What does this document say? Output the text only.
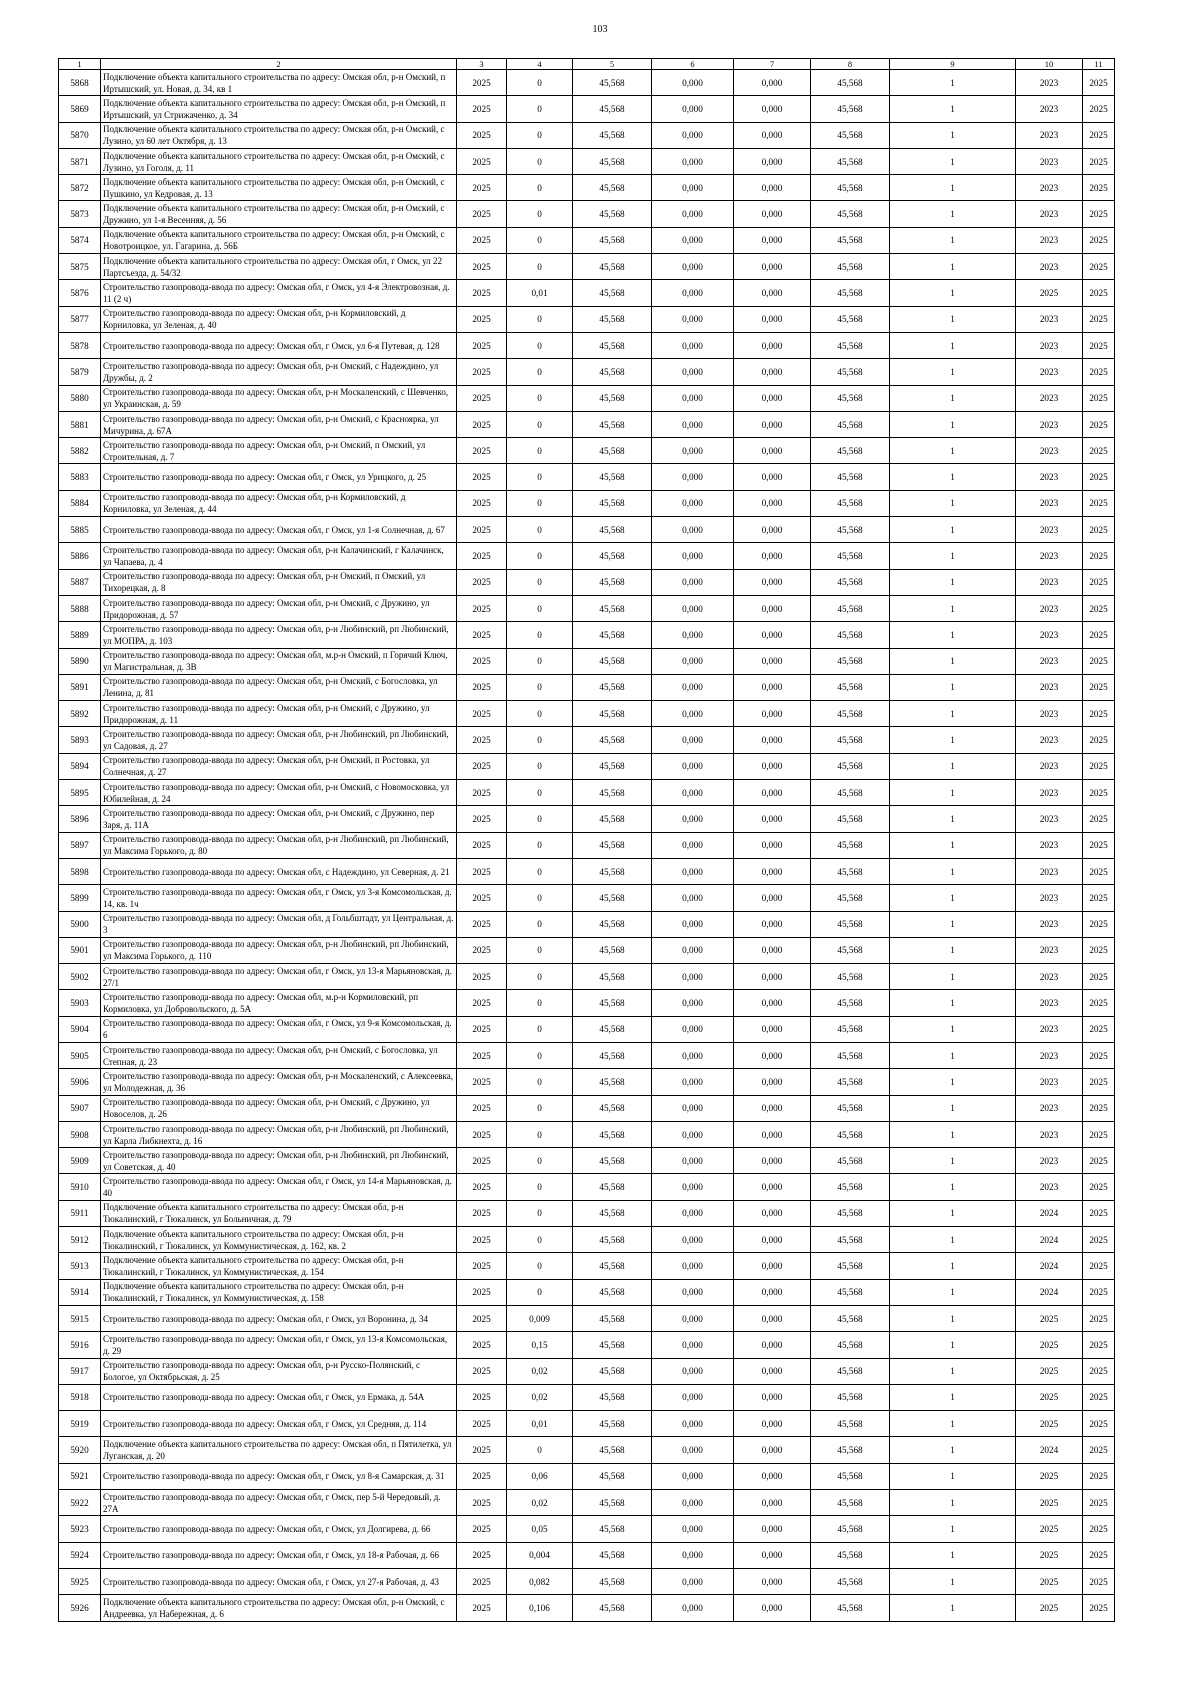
103
1	2	3	4	5	6	7	8	9	10	11
5868	Подключение объекта капитального строительства по адресу: Омская обл, р-н Омский, п Иртышский, ул. Новая, д. 34, кв 1	2025	0	45,568	0,000	0,000	45,568	1	2023	2025
5869	Подключение объекта капитального строительства по адресу: Омская обл, р-н Омский, п Иртышский, ул Стрижаченко, д. 34	2025	0	45,568	0,000	0,000	45,568	1	2023	2025
5870	Подключение объекта капитального строительства по адресу: Омская обл, р-н Омский, с Лузино, ул 60 лет Октября, д. 13	2025	0	45,568	0,000	0,000	45,568	1	2023	2025
5871	Подключение объекта капитального строительства по адресу: Омская обл, р-н Омский, с Лузино, ул Гоголя, д. 11	2025	0	45,568	0,000	0,000	45,568	1	2023	2025
5872	Подключение объекта капитального строительства по адресу: Омская обл, р-н Омский, с Пушкино, ул Кедровая, д. 13	2025	0	45,568	0,000	0,000	45,568	1	2023	2025
5873	Подключение объекта капитального строительства по адресу: Омская обл, р-н Омский, с Дружино, ул 1-я Весенняя, д. 56	2025	0	45,568	0,000	0,000	45,568	1	2023	2025
5874	Подключение объекта капитального строительства по адресу: Омская обл, р-н Омский, с Новотроицкое, ул. Гагарина, д. 56Б	2025	0	45,568	0,000	0,000	45,568	1	2023	2025
5875	Подключение объекта капитального строительства по адресу: Омская обл, г Омск, ул 22 Партсъезда, д. 54/32	2025	0	45,568	0,000	0,000	45,568	1	2023	2025
5876	Строительство газопровода-ввода по адресу: Омская обл, г Омск, ул 4-я Электровозная, д. 11 (2 ч)	2025	0,01	45,568	0,000	0,000	45,568	1	2025	2025
5877	Строительство газопровода-ввода по адресу: Омская обл, р-н Кормиловский, д Корниловка, ул Зеленая, д. 40	2025	0	45,568	0,000	0,000	45,568	1	2023	2025
5878	Строительство газопровода-ввода по адресу: Омская обл, г Омск, ул 6-я Путевая, д. 128	2025	0	45,568	0,000	0,000	45,568	1	2023	2025
5879	Строительство газопровода-ввода по адресу: Омская обл, р-н Омский, с Надеждино, ул Дружбы, д. 2	2025	0	45,568	0,000	0,000	45,568	1	2023	2025
5880	Строительство газопровода-ввода по адресу: Омская обл, р-н Москаленский, с Шевченко, ул Украинская, д. 59	2025	0	45,568	0,000	0,000	45,568	1	2023	2025
5881	Строительство газопровода-ввода по адресу: Омская обл, р-н Омский, с Красноярка, ул Мичурина, д. 67А	2025	0	45,568	0,000	0,000	45,568	1	2023	2025
5882	Строительство газопровода-ввода по адресу: Омская обл, р-н Омский, п Омский, ул Строительная, д. 7	2025	0	45,568	0,000	0,000	45,568	1	2023	2025
5883	Строительство газопровода-ввода по адресу: Омская обл, г Омск, ул Урицкого, д. 25	2025	0	45,568	0,000	0,000	45,568	1	2023	2025
5884	Строительство газопровода-ввода по адресу: Омская обл, р-н Кормиловский, д Корниловка, ул Зеленая, д. 44	2025	0	45,568	0,000	0,000	45,568	1	2023	2025
5885	Строительство газопровода-ввода по адресу: Омская обл, г Омск, ул 1-я Солнечная, д. 67	2025	0	45,568	0,000	0,000	45,568	1	2023	2025
5886	Строительство газопровода-ввода по адресу: Омская обл, р-н Калачинский, г Калачинск, ул Чапаева, д. 4	2025	0	45,568	0,000	0,000	45,568	1	2023	2025
5887	Строительство газопровода-ввода по адресу: Омская обл, р-н Омский, п Омский, ул Тихорецкая, д. 8	2025	0	45,568	0,000	0,000	45,568	1	2023	2025
5888	Строительство газопровода-ввода по адресу: Омская обл, р-н Омский, с Дружино, ул Придорожная, д. 57	2025	0	45,568	0,000	0,000	45,568	1	2023	2025
5889	Строительство газопровода-ввода по адресу: Омская обл, р-н Любинский, рп Любинский, ул МОПРА, д. 103	2025	0	45,568	0,000	0,000	45,568	1	2023	2025
5890	Строительство газопровода-ввода по адресу: Омская обл, м.р-н Омский, п Горячий Ключ, ул Магистральная, д. 3В	2025	0	45,568	0,000	0,000	45,568	1	2023	2025
5891	Строительство газопровода-ввода по адресу: Омская обл, р-н Омский, с Богословка, ул Ленина, д. 81	2025	0	45,568	0,000	0,000	45,568	1	2023	2025
5892	Строительство газопровода-ввода по адресу: Омская обл, р-н Омский, с Дружино, ул Придорожная, д. 11	2025	0	45,568	0,000	0,000	45,568	1	2023	2025
5893	Строительство газопровода-ввода по адресу: Омская обл, р-н Любинский, рп Любинский, ул Садовая, д. 27	2025	0	45,568	0,000	0,000	45,568	1	2023	2025
5894	Строительство газопровода-ввода по адресу: Омская обл, р-н Омский, п Ростовка, ул Солнечная, д. 27	2025	0	45,568	0,000	0,000	45,568	1	2023	2025
5895	Строительство газопровода-ввода по адресу: Омская обл, р-н Омский, с Новомосковка, ул Юбилейная, д. 24	2025	0	45,568	0,000	0,000	45,568	1	2023	2025
5896	Строительство газопровода-ввода по адресу: Омская обл, р-н Омский, с Дружино, пер Заря, д. 11А	2025	0	45,568	0,000	0,000	45,568	1	2023	2025
5897	Строительство газопровода-ввода по адресу: Омская обл, р-н Любинский, рп Любинский, ул Максима Горького, д. 80	2025	0	45,568	0,000	0,000	45,568	1	2023	2025
5898	Строительство газопровода-ввода по адресу: Омская обл, с Надеждино, ул Северная, д. 21	2025	0	45,568	0,000	0,000	45,568	1	2023	2025
5899	Строительство газопровода-ввода по адресу: Омская обл, г Омск, ул 3-я Комсомольская, д. 14, кв. 1ч	2025	0	45,568	0,000	0,000	45,568	1	2023	2025
5900	Строительство газопровода-ввода по адресу: Омская обл, д Гольбштадт, ул Центральная, д. 3	2025	0	45,568	0,000	0,000	45,568	1	2023	2025
5901	Строительство газопровода-ввода по адресу: Омская обл, р-н Любинский, рп Любинский, ул Максима Горького, д. 110	2025	0	45,568	0,000	0,000	45,568	1	2023	2025
5902	Строительство газопровода-ввода по адресу: Омская обл, г Омск, ул 13-я Марьяновская, д. 27/1	2025	0	45,568	0,000	0,000	45,568	1	2023	2025
5903	Строительство газопровода-ввода по адресу: Омская обл, м.р-н Кормиловский, рп Кормиловка, ул Добровольского, д. 5А	2025	0	45,568	0,000	0,000	45,568	1	2023	2025
5904	Строительство газопровода-ввода по адресу: Омская обл, г Омск, ул 9-я Комсомольская, д. 6	2025	0	45,568	0,000	0,000	45,568	1	2023	2025
5905	Строительство газопровода-ввода по адресу: Омская обл, р-н Омский, с Богословка, ул Степная, д. 23	2025	0	45,568	0,000	0,000	45,568	1	2023	2025
5906	Строительство газопровода-ввода по адресу: Омская обл, р-н Москаленский, с Алексеевка, ул Молодежная, д. 36	2025	0	45,568	0,000	0,000	45,568	1	2023	2025
5907	Строительство газопровода-ввода по адресу: Омская обл, р-н Омский, с Дружино, ул Новоселов, д. 26	2025	0	45,568	0,000	0,000	45,568	1	2023	2025
5908	Строительство газопровода-ввода по адресу: Омская обл, р-н Любинский, рп Любинский, ул Карла Либкнехта, д. 16	2025	0	45,568	0,000	0,000	45,568	1	2023	2025
5909	Строительство газопровода-ввода по адресу: Омская обл, р-н Любинский, рп Любинский, ул Советская, д. 40	2025	0	45,568	0,000	0,000	45,568	1	2023	2025
5910	Строительство газопровода-ввода по адресу: Омская обл, г Омск, ул 14-я Марьяновская, д. 40	2025	0	45,568	0,000	0,000	45,568	1	2023	2025
5911	Подключение объекта капитального строительства по адресу: Омская обл, р-н Тюкалинский, г Тюкалинск, ул Больничная, д. 79	2025	0	45,568	0,000	0,000	45,568	1	2024	2025
5912	Подключение объекта капитального строительства по адресу: Омская обл, р-н Тюкалинский, г Тюкалинск, ул Коммунистическая, д. 162, кв. 2	2025	0	45,568	0,000	0,000	45,568	1	2024	2025
5913	Подключение объекта капитального строительства по адресу: Омская обл, р-н Тюкалинский, г Тюкалинск, ул Коммунистическая, д. 154	2025	0	45,568	0,000	0,000	45,568	1	2024	2025
5914	Подключение объекта капитального строительства по адресу: Омская обл, р-н Тюкалинский, г Тюкалинск, ул Коммунистическая, д. 158	2025	0	45,568	0,000	0,000	45,568	1	2024	2025
5915	Строительство газопровода-ввода по адресу: Омская обл, г Омск, ул Воронина, д. 34	2025	0,009	45,568	0,000	0,000	45,568	1	2025	2025
5916	Строительство газопровода-ввода по адресу: Омская обл, г Омск, ул 13-я Комсомольская, д. 29	2025	0,15	45,568	0,000	0,000	45,568	1	2025	2025
5917	Строительство газопровода-ввода по адресу: Омская обл, р-н Русско-Полянский, с Бологое, ул Октябрьская, д. 25	2025	0,02	45,568	0,000	0,000	45,568	1	2025	2025
5918	Строительство газопровода-ввода по адресу: Омская обл, г Омск, ул Ермака, д. 54А	2025	0,02	45,568	0,000	0,000	45,568	1	2025	2025
5919	Строительство газопровода-ввода по адресу: Омская обл, г Омск, ул Средняя, д. 114	2025	0,01	45,568	0,000	0,000	45,568	1	2025	2025
5920	Подключение объекта капитального строительства по адресу: Омская обл, п Пятилетка, ул Луганская, д. 20	2025	0	45,568	0,000	0,000	45,568	1	2024	2025
5921	Строительство газопровода-ввода по адресу: Омская обл, г Омск, ул 8-я Самарская, д. 31	2025	0,06	45,568	0,000	0,000	45,568	1	2025	2025
5922	Строительство газопровода-ввода по адресу: Омская обл, г Омск, пер 5-й Чередовый, д. 27А	2025	0,02	45,568	0,000	0,000	45,568	1	2025	2025
5923	Строительство газопровода-ввода по адресу: Омская обл, г Омск, ул Долгирева, д. 66	2025	0,05	45,568	0,000	0,000	45,568	1	2025	2025
5924	Строительство газопровода-ввода по адресу: Омская обл, г Омск, ул 18-я Рабочая, д. 66	2025	0,004	45,568	0,000	0,000	45,568	1	2025	2025
5925	Строительство газопровода-ввода по адресу: Омская обл, г Омск, ул 27-я Рабочая, д. 43	2025	0,082	45,568	0,000	0,000	45,568	1	2025	2025
5926	Подключение объекта капитального строительства по адресу: Омская обл, р-н Омский, с Андреевка, ул Набережная, д. 6	2025	0,106	45,568	0,000	0,000	45,568	1	2025	2025
